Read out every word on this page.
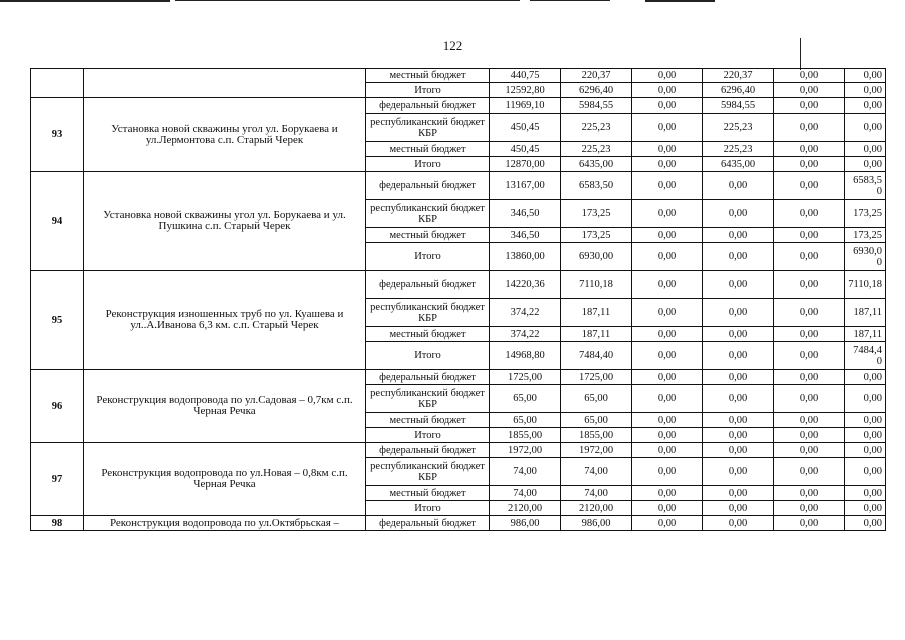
122
		местный бюджет	440,75	220,37	0,00	220,37	0,00	0,00
		Итого	12592,80	6296,40	0,00	6296,40	0,00	0,00
93	Установка новой скважины угол ул. Борукаева и ул.Лермонтова с.п. Старый Черек	федеральный бюджет	11969,10	5984,55	0,00	5984,55	0,00	0,00
		республиканский бюджет КБР	450,45	225,23	0,00	225,23	0,00	0,00
		местный бюджет	450,45	225,23	0,00	225,23	0,00	0,00
		Итого	12870,00	6435,00	0,00	6435,00	0,00	0,00
94	Установка новой скважины угол ул. Борукаева и ул. Пушкина с.п. Старый Черек	федеральный бюджет	13167,00	6583,50	0,00	0,00	0,00	6583,50
		республиканский бюджет КБР	346,50	173,25	0,00	0,00	0,00	173,25
		местный бюджет	346,50	173,25	0,00	0,00	0,00	173,25
		Итого	13860,00	6930,00	0,00	0,00	0,00	6930,00
95	Реконструкция изношенных труб по ул. Куашева и ул..А.Иванова 6,3 км. с.п. Старый Черек	федеральный бюджет	14220,36	7110,18	0,00	0,00	0,00	7110,18
		республиканский бюджет КБР	374,22	187,11	0,00	0,00	0,00	187,11
		местный бюджет	374,22	187,11	0,00	0,00	0,00	187,11
		Итого	14968,80	7484,40	0,00	0,00	0,00	7484,40
96	Реконструкция водопровода по ул.Садовая – 0,7км с.п. Черная Речка	федеральный бюджет	1725,00	1725,00	0,00	0,00	0,00	0,00
		республиканский бюджет КБР	65,00	65,00	0,00	0,00	0,00	0,00
		местный бюджет	65,00	65,00	0,00	0,00	0,00	0,00
		Итого	1855,00	1855,00	0,00	0,00	0,00	0,00
97	Реконструкция водопровода по ул.Новая – 0,8км с.п. Черная Речка	федеральный бюджет	1972,00	1972,00	0,00	0,00	0,00	0,00
		республиканский бюджет КБР	74,00	74,00	0,00	0,00	0,00	0,00
		местный бюджет	74,00	74,00	0,00	0,00	0,00	0,00
		Итого	2120,00	2120,00	0,00	0,00	0,00	0,00
98	Реконструкция водопровода по ул.Октябрьская –	федеральный бюджет	986,00	986,00	0,00	0,00	0,00	0,00
